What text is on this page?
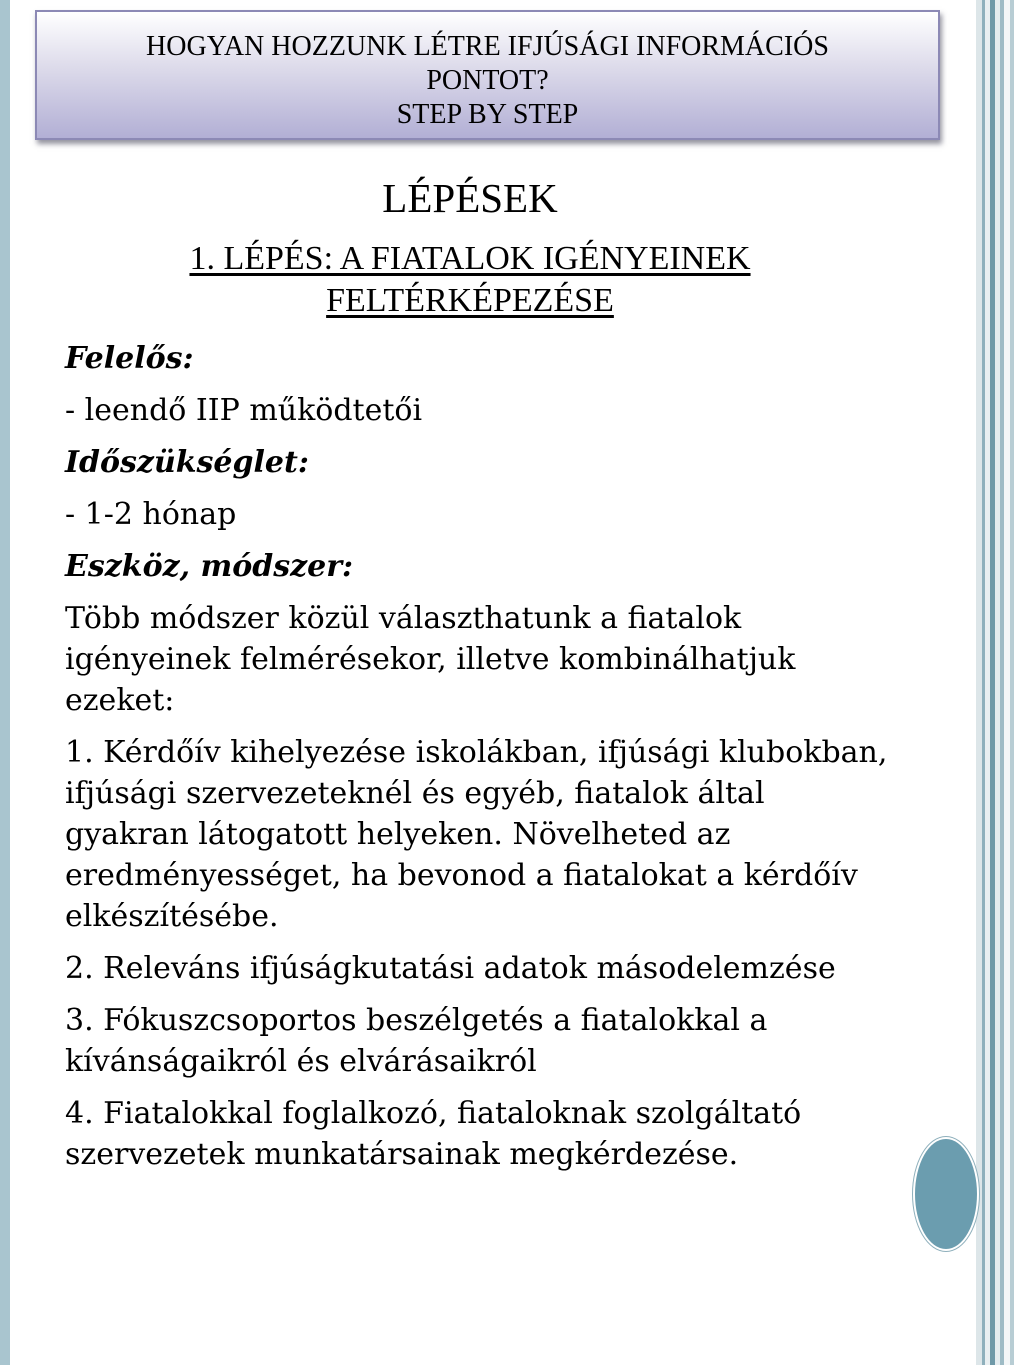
HOGYAN HOZZUNK LÉTRE IFJÚSÁGI INFORMÁCIÓS
PONTOT?
STEP BY STEP
LÉPÉSEK
1. LÉPÉS: A FIATALOK IGÉNYEINEK
FELTÉRKÉPEZÉSE

Felelős:

- leendő IIP működtetői

Időszükséglet:

- 1-2 hónap

Eszköz, módszer:

Több módszer közül választhatunk a fiatalok igényeinek felmérésekor, illetve kombinálhatjuk ezeket:

1. Kérdőív kihelyezése iskolákban, ifjúsági klubokban, ifjúsági szervezeteknél és egyéb, fiatalok által gyakran látogatott helyeken. Növelheted az eredményességet, ha bevonod a fiatalokat a kérdőív elkészítésébe.

2. Releváns ifjúságkutatási adatok másodelemzése

3. Fókuszcsoportos beszélgetés a fiatalokkal a kívánságaikról és elvárásaikról

4. Fiatalokkal foglalkozó, fiataloknak szolgáltató szervezetek munkatársainak megkérdezése.
